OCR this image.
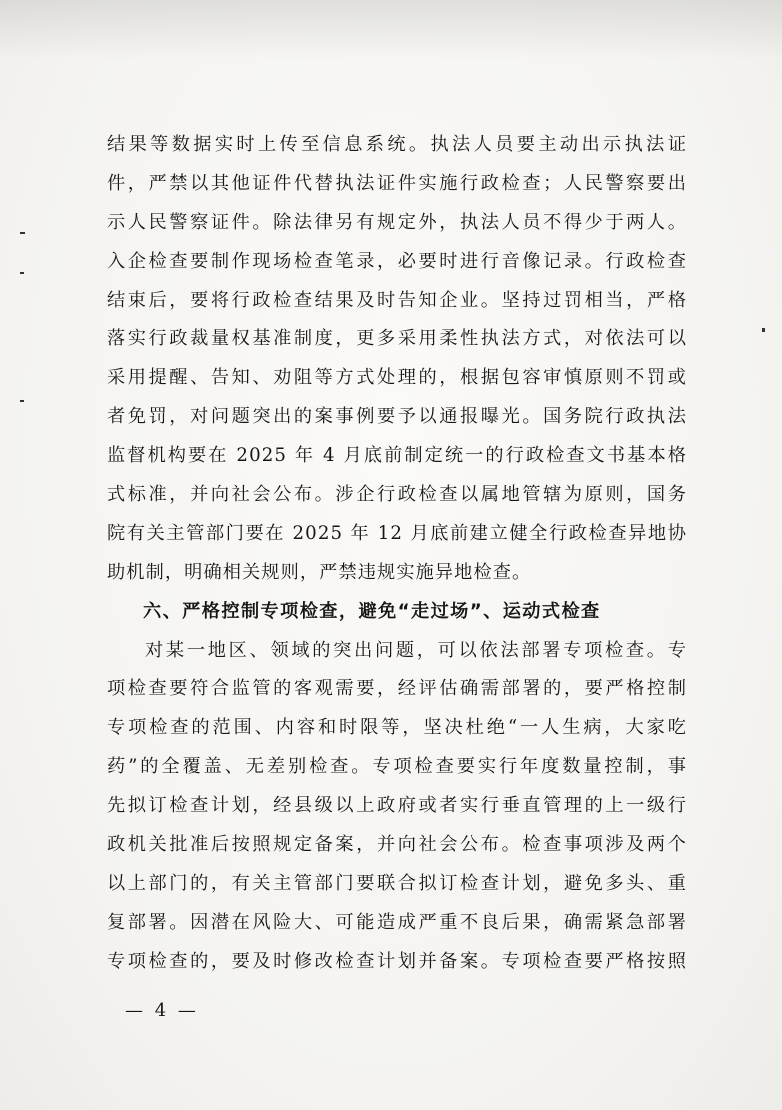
结果等数据实时上传至信息系统。执法人员要主动出示执法证
件，严禁以其他证件代替执法证件实施行政检查；人民警察要出
示人民警察证件。除法律另有规定外，执法人员不得少于两人。
入企检查要制作现场检查笔录，必要时进行音像记录。行政检查
结束后，要将行政检查结果及时告知企业。坚持过罚相当，严格
落实行政裁量权基准制度，更多采用柔性执法方式，对依法可以
采用提醒、告知、劝阻等方式处理的，根据包容审慎原则不罚或
者免罚，对问题突出的案事例要予以通报曝光。国务院行政执法
监督机构要在 2025 年 4 月底前制定统一的行政检查文书基本格
式标准，并向社会公布。涉企行政检查以属地管辖为原则，国务
院有关主管部门要在 2025 年 12 月底前建立健全行政检查异地协
助机制，明确相关规则，严禁违规实施异地检查。
六、严格控制专项检查，避免“走过场”、运动式检查
对某一地区、领域的突出问题，可以依法部署专项检查。专
项检查要符合监管的客观需要，经评估确需部署的，要严格控制
专项检查的范围、内容和时限等，坚决杜绝“一人生病，大家吃
药”的全覆盖、无差别检查。专项检查要实行年度数量控制，事
先拟订检查计划，经县级以上政府或者实行垂直管理的上一级行
政机关批准后按照规定备案，并向社会公布。检查事项涉及两个
以上部门的，有关主管部门要联合拟订检查计划，避免多头、重
复部署。因潜在风险大、可能造成严重不良后果，确需紧急部署
专项检查的，要及时修改检查计划并备案。专项检查要严格按照
— 4 —
